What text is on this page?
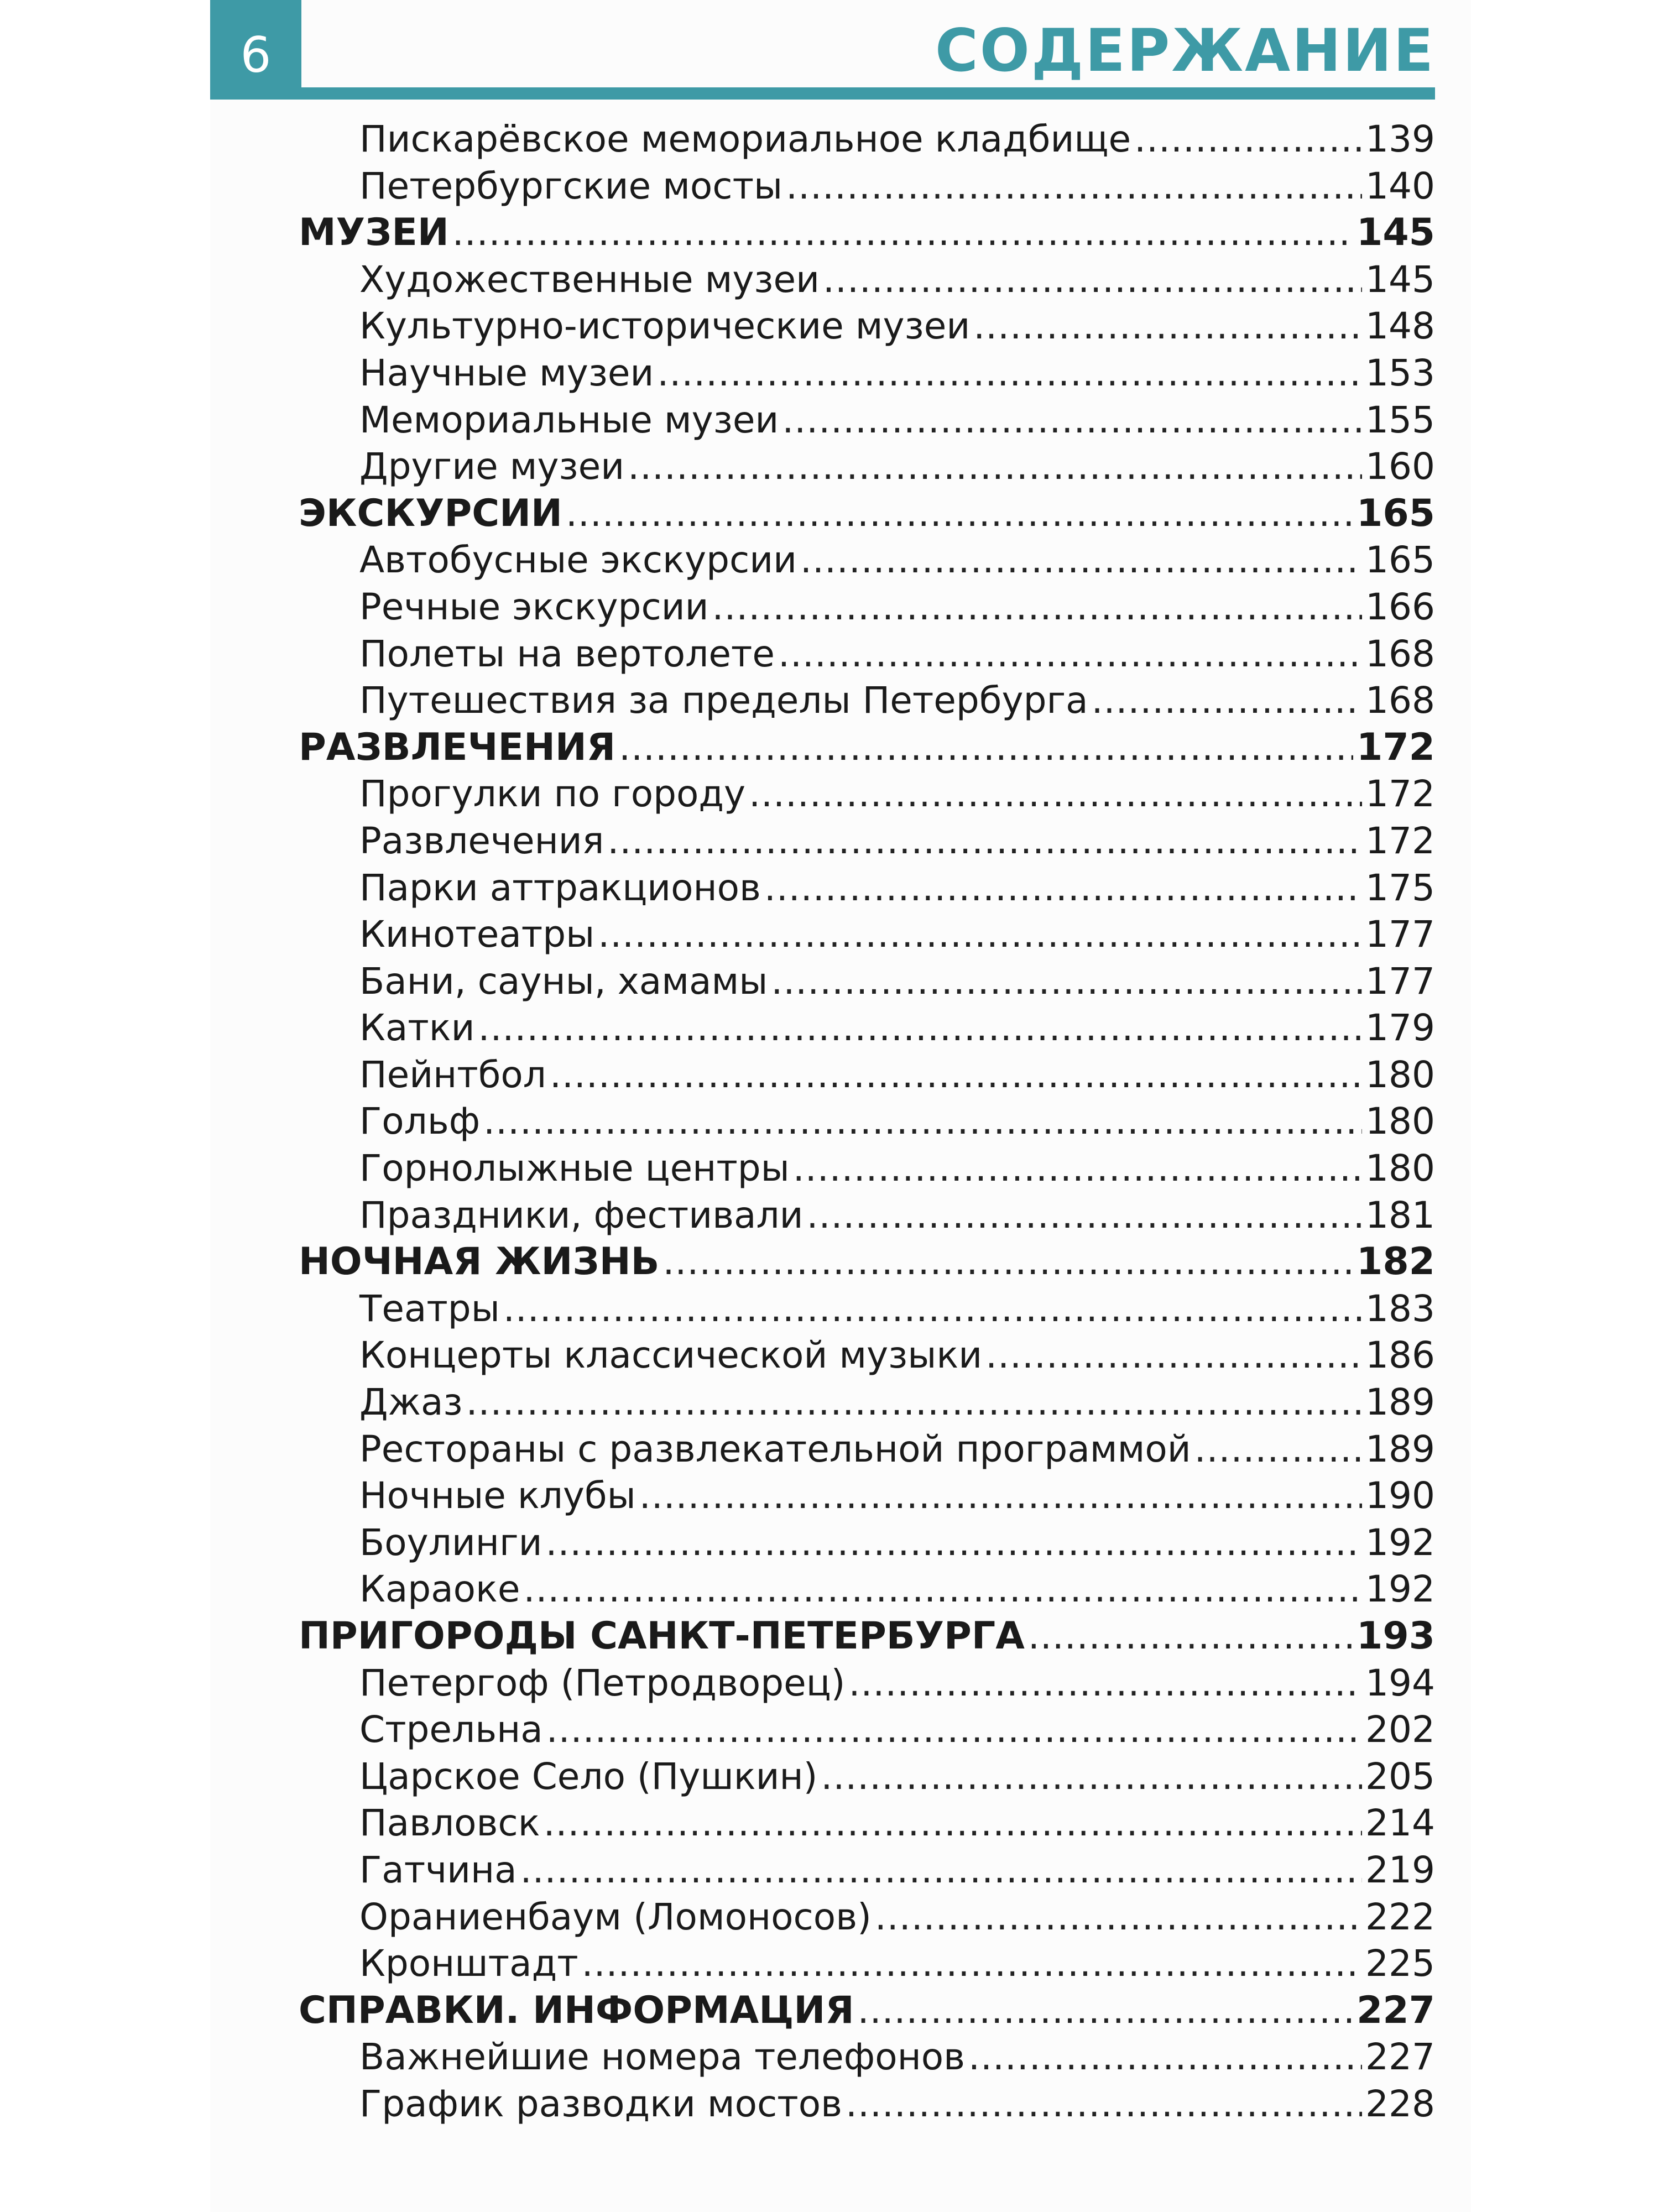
6	СОДЕРЖАНИЕ
Пискарёвское мемориальное кладбище . . .	139
Петербургские мосты . . .	140
МУЗЕИ . . .	145
Художественные музеи . . .	145
Культурно-исторические музеи . . .	148
Научные музеи . . .	153
Мемориальные музеи . . .	155
Другие музеи . . .	160
ЭКСКУРСИИ . . .	165
Автобусные экскурсии . . .	165
Речные экскурсии . . .	166
Полеты на вертолете . . .	168
Путешествия за пределы Петербурга . . .	168
РАЗВЛЕЧЕНИЯ . . .	172
Прогулки по городу . . .	172
Развлечения . . .	172
Парки аттракционов . . .	175
Кинотеатры . . .	177
Бани, сауны, хамамы . . .	177
Катки . . .	179
Пейнтбол . . .	180
Гольф . . .	180
Горнолыжные центры . . .	180
Праздники, фестивали . . .	181
НОЧНАЯ ЖИЗНЬ . . .	182
Театры . . .	183
Концерты классической музыки . . .	186
Джаз . . .	189
Рестораны с развлекательной программой . . .	189
Ночные клубы . . .	190
Боулинги . . .	192
Караоке . . .	192
ПРИГОРОДЫ САНКТ-ПЕТЕРБУРГА . . .	193
Петергоф (Петродворец) . . .	194
Стрельна . . .	202
Царское Село (Пушкин) . . .	205
Павловск . . .	214
Гатчина . . .	219
Ораниенбаум (Ломоносов) . . .	222
Кронштадт . . .	225
СПРАВКИ. ИНФОРМАЦИЯ . . .	227
Важнейшие номера телефонов . . .	227
График разводки мостов . . .	228
